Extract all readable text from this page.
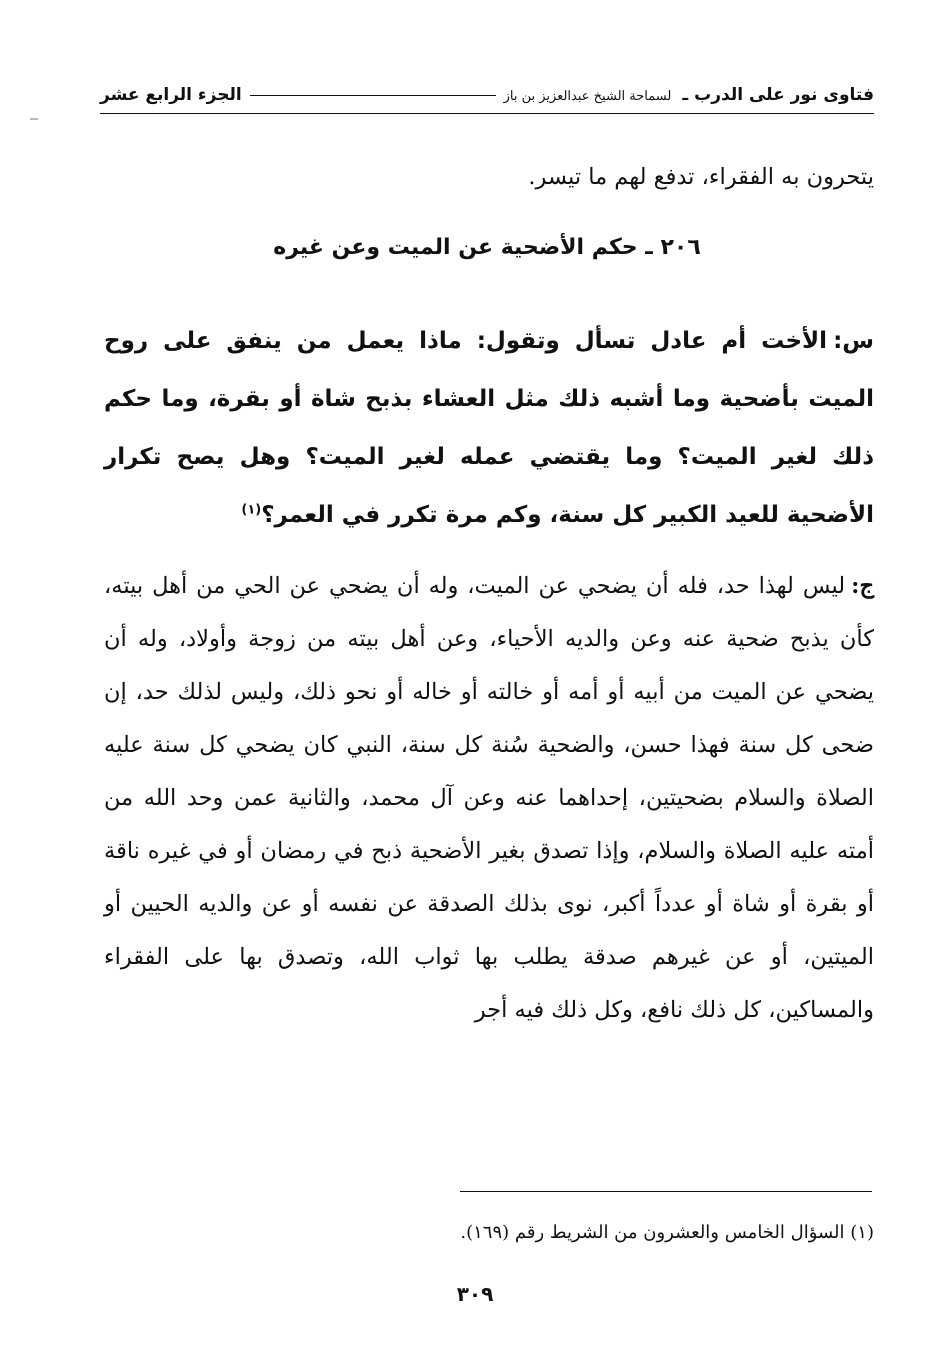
فتاوى نور على الدرب ـ لسماحة الشيخ عبدالعزيز بن باز
الجزء الرابع عشر

يتحرون به الفقراء، تدفع لهم ما تيسر.

٢٠٦ ـ حكم الأضحية عن الميت وعن غيره

س:الأخت أم عادل تسأل وتقول: ماذا يعمل من ينفق على روح الميت بأضحية وما أشبه ذلك مثل العشاء بذبح شاة أو بقرة، وما حكم ذلك لغير الميت؟ وما يقتضي عمله لغير الميت؟ وهل يصح تكرار الأضحية للعيد الكبير كل سنة، وكم مرة تكرر في العمر؟$^{(١)}$

ج:ليس لهذا حد، فله أن يضحي عن الميت، وله أن يضحي عن الحي من أهل بيته، كأن يذبح ضحية عنه وعن والديه الأحياء، وعن أهل بيته من زوجة وأولاد، وله أن يضحي عن الميت من أبيه أو أمه أو خالته أو خاله أو نحو ذلك، وليس لذلك حد، إن ضحى كل سنة فهذا حسن، والضحية سُنة كل سنة، النبي كان يضحي كل سنة عليه الصلاة والسلام بضحيتين، إحداهما عنه وعن آل محمد، والثانية عمن وحد الله من أمته عليه الصلاة والسلام، وإذا تصدق بغير الأضحية ذبح في رمضان أو في غيره ناقة أو بقرة أو شاة أو عدداً أكبر، نوى بذلك الصدقة عن نفسه أو عن والديه الحيين أو الميتين، أو عن غيرهم صدقة يطلب بها ثواب الله، وتصدق بها على الفقراء والمساكين، كل ذلك نافع، وكل ذلك فيه أجر

(١) السؤال الخامس والعشرون من الشريط رقم (١٦٩).

٣٠٩
